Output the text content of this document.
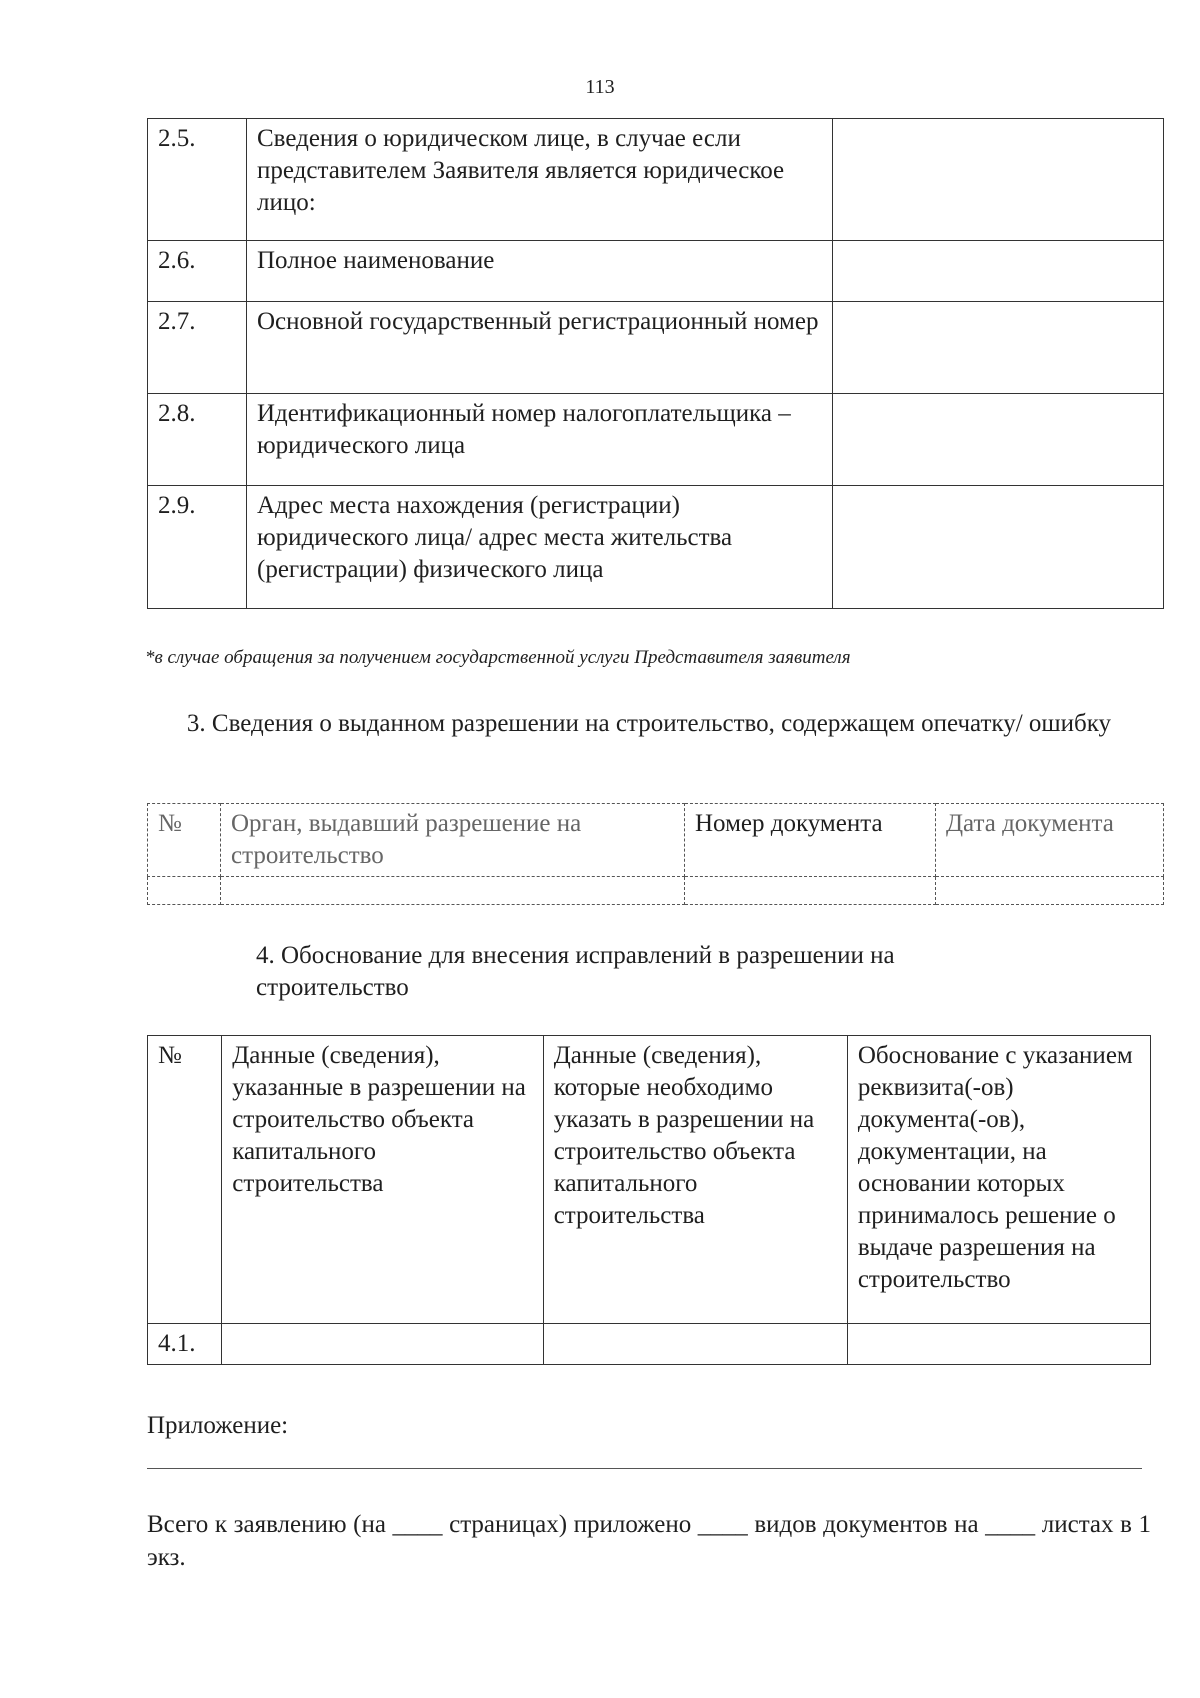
113
2.5.	Сведения о юридическом лице, в случае если представителем Заявителя является юридическое лицо:	
2.6.	Полное наименование	
2.7.	Основной государственный регистрационный номер	
2.8.	Идентификационный номер налогоплательщика – юридического лица	
2.9.	Адрес места нахождения (регистрации) юридического лица/ адрес места жительства (регистрации) физического лица	
*в случае обращения за получением государственной услуги Представителя заявителя
3. Сведения о выданном разрешении на строительство, содержащем опечатку/ ошибку
№	Орган, выдавший разрешение на строительство	Номер документа	Дата документа

4. Обоснование для внесения исправлений в разрешении на строительство
№	Данные (сведения), указанные в разрешении на строительство объекта капитального строительства	Данные (сведения), которые необходимо указать в разрешении на строительство объекта капитального строительства	Обоснование с указанием реквизита(-ов) документа(-ов), документации, на основании которых принималось решение о выдаче разрешения на строительство
4.1.			
Приложение:
Всего к заявлению (на ____ страницах) приложено ____ видов документов на ____ листах в 1 экз.
